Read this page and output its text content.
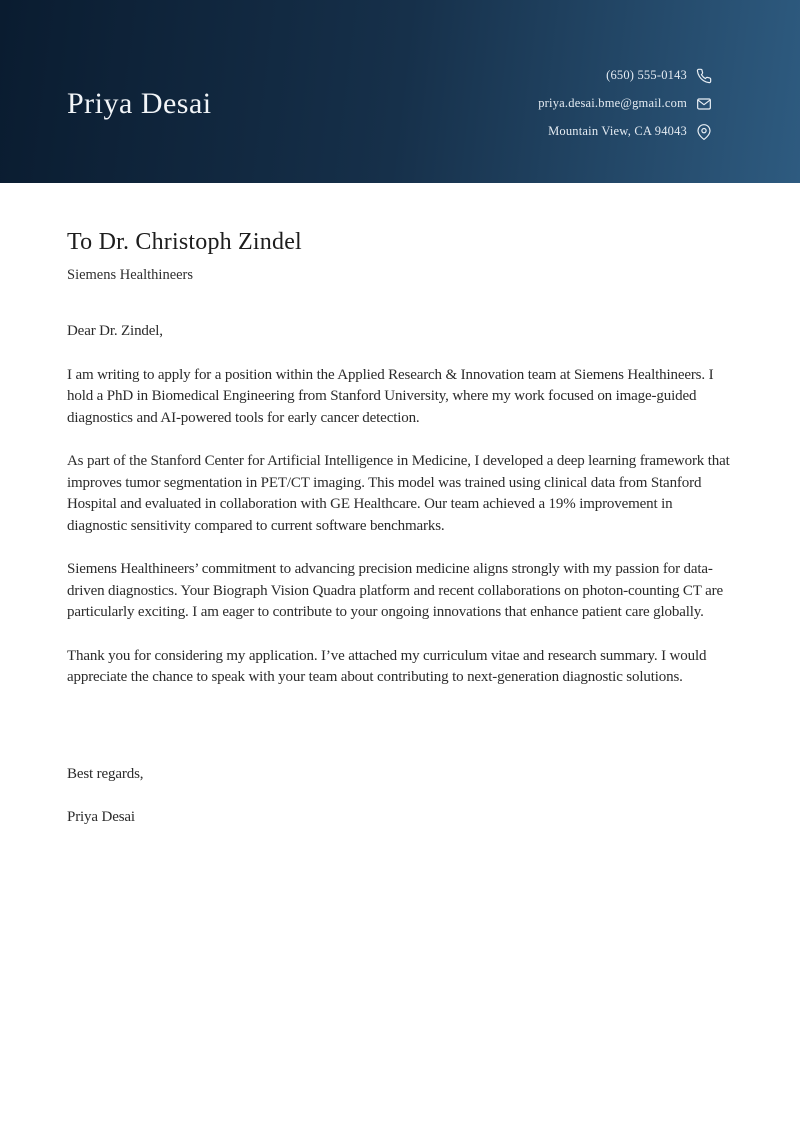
Priya Desai
(650) 555-0143
priya.desai.bme@gmail.com
Mountain View, CA 94043
To Dr. Christoph Zindel
Siemens Healthineers

Dear Dr. Zindel,

I am writing to apply for a position within the Applied Research & Innovation team at Siemens Healthineers. I hold a PhD in Biomedical Engineering from Stanford University, where my work focused on image-guided diagnostics and AI-powered tools for early cancer detection.

As part of the Stanford Center for Artificial Intelligence in Medicine, I developed a deep learning framework that improves tumor segmentation in PET/CT imaging. This model was trained using clinical data from Stanford Hospital and evaluated in collaboration with GE Healthcare. Our team achieved a 19% improvement in diagnostic sensitivity compared to current software benchmarks.

Siemens Healthineers’ commitment to advancing precision medicine aligns strongly with my passion for data-driven diagnostics. Your Biograph Vision Quadra platform and recent collaborations on photon-counting CT are particularly exciting. I am eager to contribute to your ongoing innovations that enhance patient care globally.

Thank you for considering my application. I’ve attached my curriculum vitae and research summary. I would appreciate the chance to speak with your team about contributing to next-generation diagnostic solutions.

Best regards,

Priya Desai
